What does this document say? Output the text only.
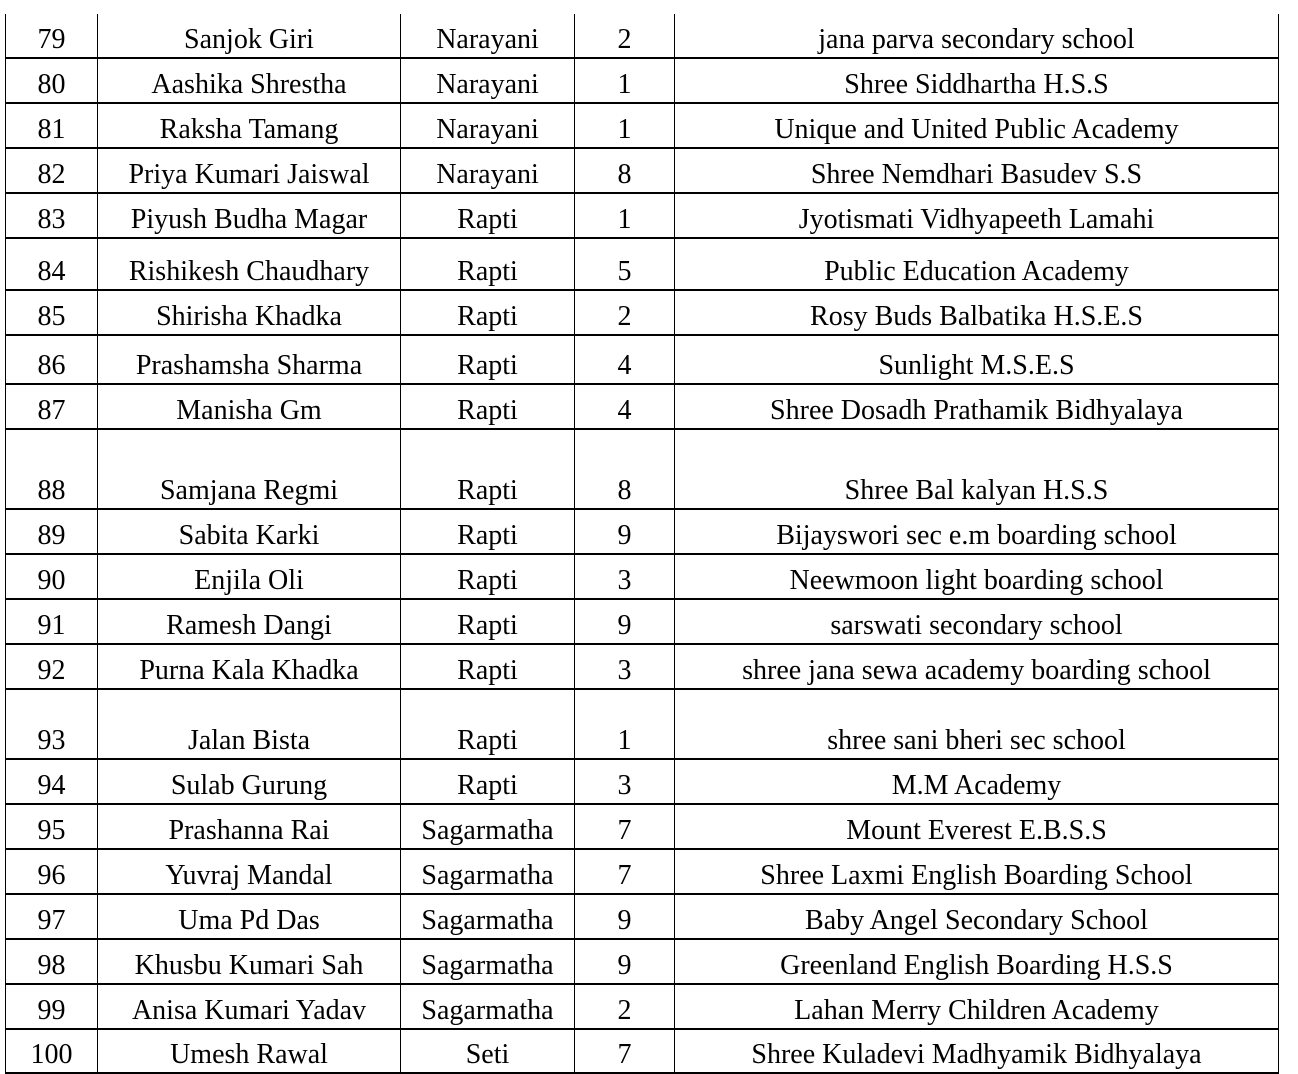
79	Sanjok Giri	Narayani	2	jana parva secondary school
80	Aashika Shrestha	Narayani	1	Shree Siddhartha H.S.S
81	Raksha Tamang	Narayani	1	Unique and United Public Academy
82	Priya Kumari Jaiswal	Narayani	8	Shree Nemdhari Basudev S.S
83	Piyush Budha Magar	Rapti	1	Jyotismati Vidhyapeeth Lamahi
84	Rishikesh Chaudhary	Rapti	5	Public Education Academy
85	Shirisha Khadka	Rapti	2	Rosy Buds Balbatika H.S.E.S
86	Prashamsha Sharma	Rapti	4	Sunlight M.S.E.S
87	Manisha Gm	Rapti	4	Shree Dosadh Prathamik Bidhyalaya
88	Samjana Regmi	Rapti	8	Shree Bal kalyan H.S.S
89	Sabita Karki	Rapti	9	Bijayswori sec e.m boarding school
90	Enjila Oli	Rapti	3	Neewmoon light boarding school
91	Ramesh Dangi	Rapti	9	sarswati secondary school
92	Purna Kala Khadka	Rapti	3	shree jana sewa academy boarding school
93	Jalan Bista	Rapti	1	shree sani bheri sec school
94	Sulab Gurung	Rapti	3	M.M Academy
95	Prashanna Rai	Sagarmatha	7	Mount Everest E.B.S.S
96	Yuvraj Mandal	Sagarmatha	7	Shree Laxmi English Boarding School
97	Uma Pd Das	Sagarmatha	9	Baby Angel Secondary School
98	Khusbu Kumari Sah	Sagarmatha	9	Greenland English Boarding H.S.S
99	Anisa Kumari Yadav	Sagarmatha	2	Lahan Merry Children Academy
100	Umesh Rawal	Seti	7	Shree Kuladevi Madhyamik Bidhyalaya
